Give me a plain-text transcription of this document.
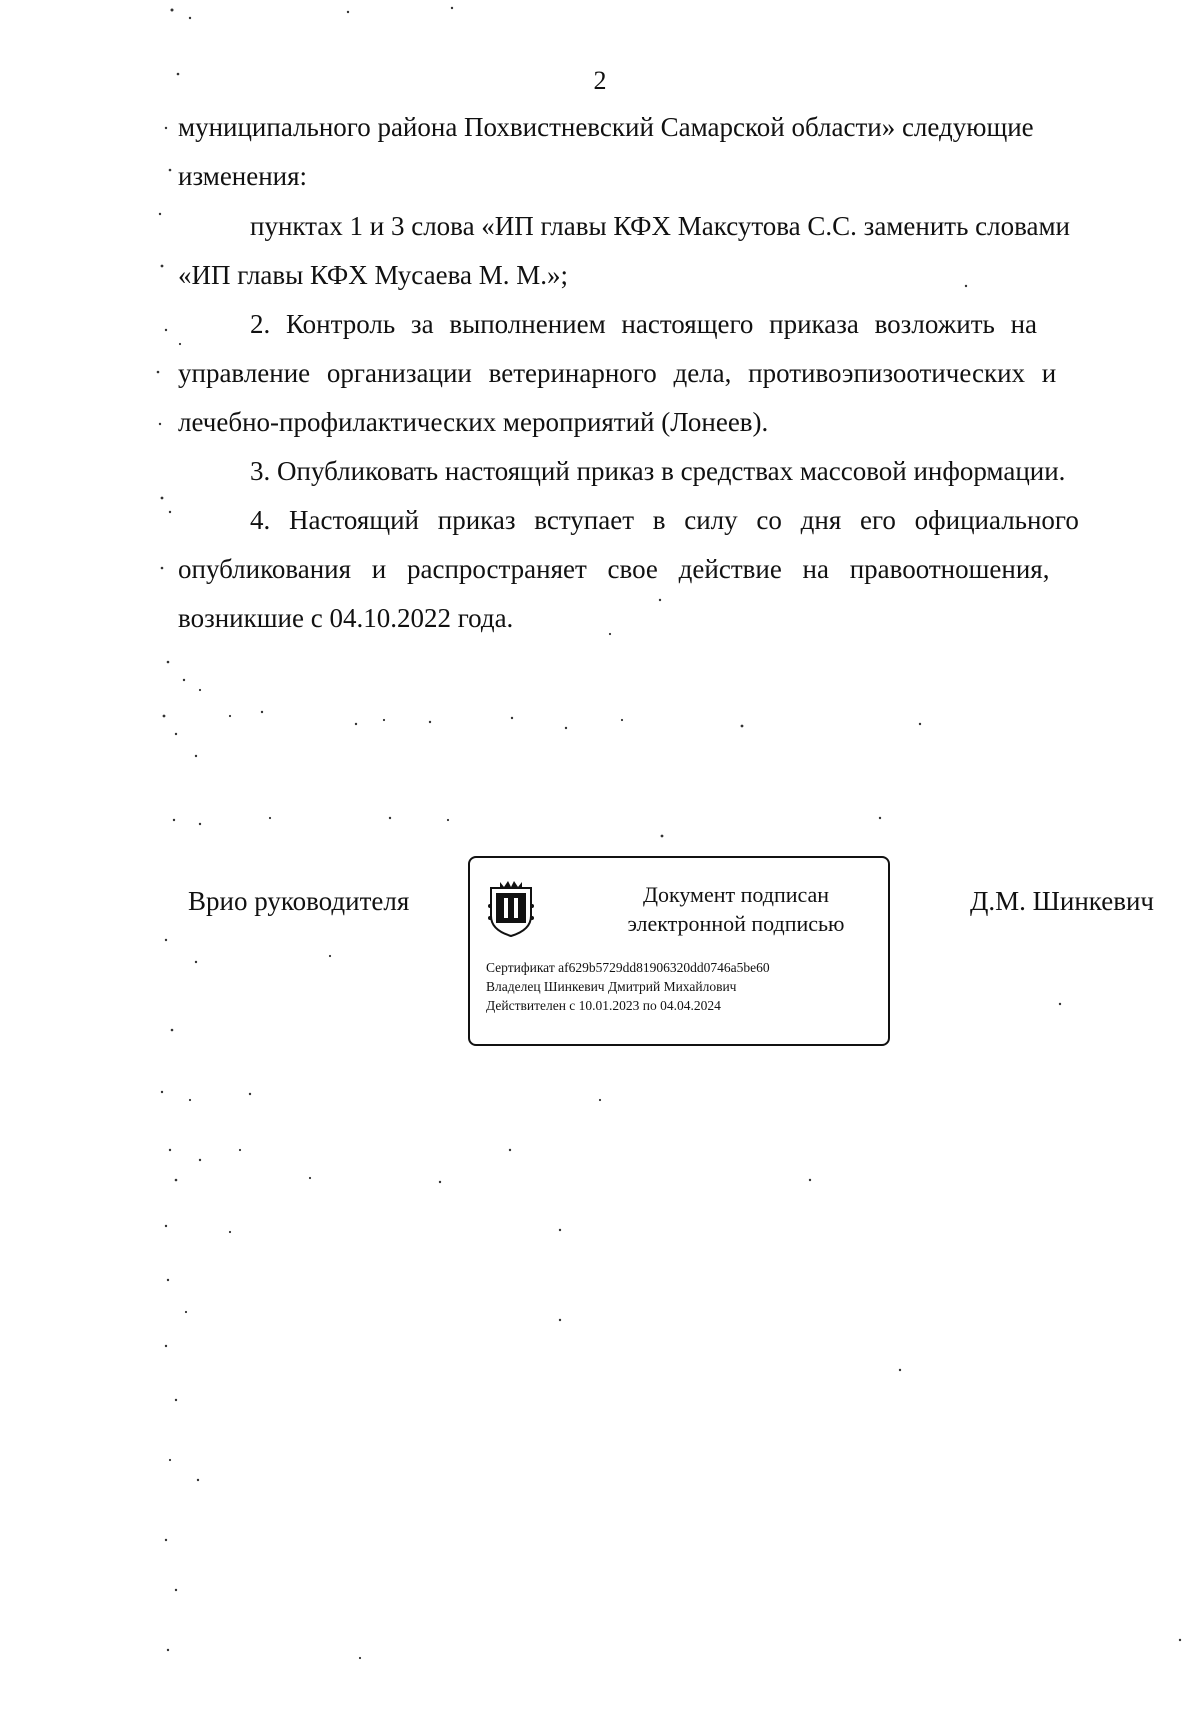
2
муниципального района Похвистневский Самарской области» следующие
изменения:
пунктах 1 и 3 слова «ИП главы КФХ Максутова С.С. заменить словами
«ИП главы КФХ Мусаева М. М.»;
2. Контроль за выполнением настоящего приказа возложить на
управление организации ветеринарного дела, противоэпизоотических и
лечебно-профилактических мероприятий (Лонеев).
3. Опубликовать настоящий приказ в средствах массовой информации.
4. Настоящий приказ вступает в силу со дня его официального
опубликования и распространяет свое действие на правоотношения,
возникшие с 04.10.2022 года.
Врио руководителя	Документ подписан
электронной подписью
Сертификат af629b5729dd81906320dd0746a5be60
Владелец Шинкевич Дмитрий Михайлович
Действителен с 10.01.2023 по 04.04.2024
Д.М. Шинкевич
